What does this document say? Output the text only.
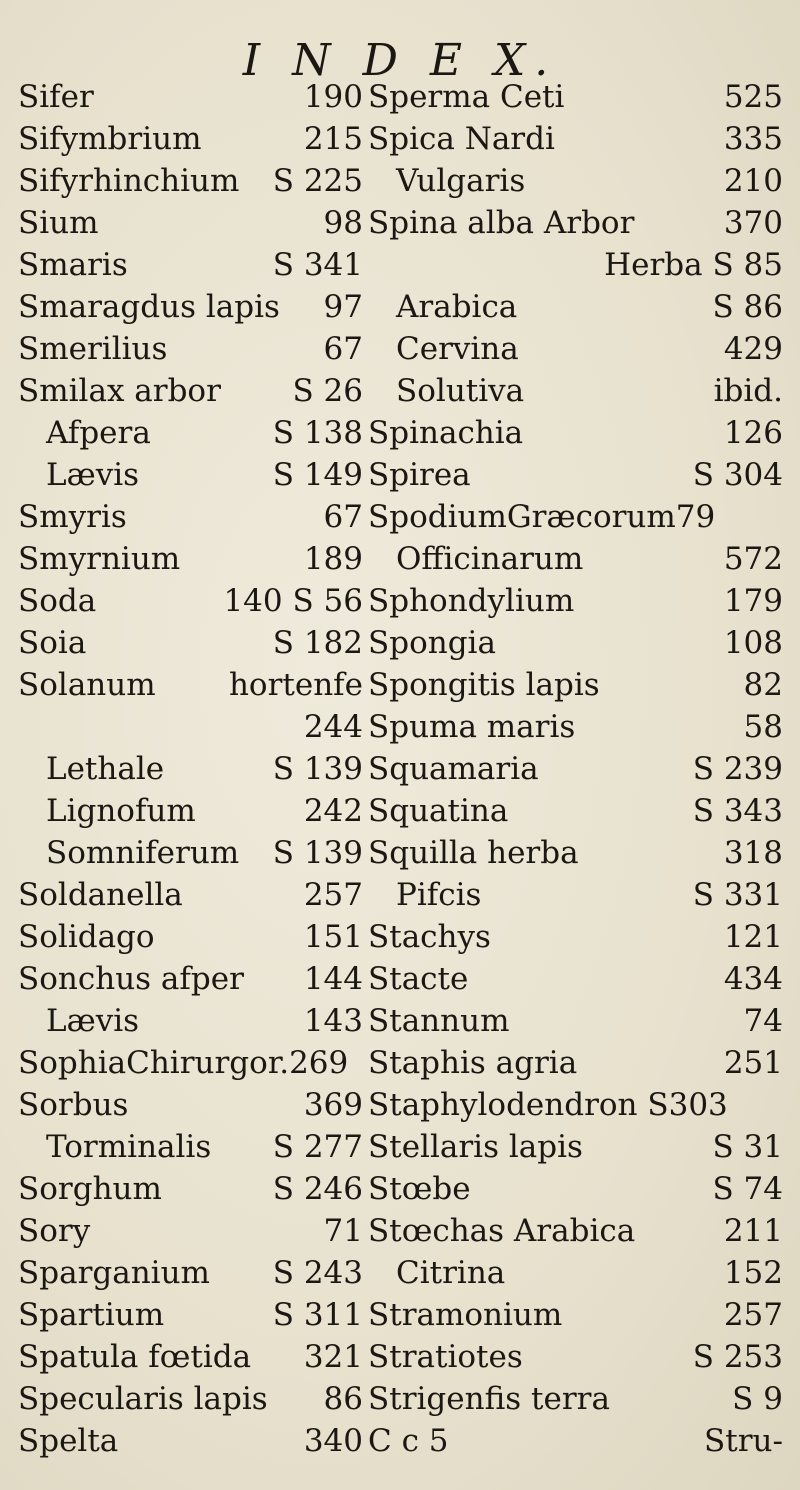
I N D E X.
Sifer	190
Sifymbrium	215
Sifyrhinchium S 225
Sium	98
Smaris	S 341
Smaragdus lapis 97
Smerilius	67
Smilax arbor S 26
Afpera	S 138
Lævis	S 149
Smyris	67
Smyrnium	189
Soda	140 S 56
Soia	S 182
Solanum hortenfe
244
Lethale	S 139
Lignofum	242
Somniferum S 139
Soldanella	257
Solidago	151
Sonchus afper 144
Lævis	143
SophiaChirurgor.269
Sorbus	369
Torminalis S 277
Sorghum	S 246
Sory	71
Sparganium S 243
Spartium	S 311
Spatula fœtida 321
Specularis lapis 86
Spelta	340
Sperma Ceti	525
Spica Nardi	335
Vulgaris	210
Spina alba Arbor	370
Herba S 85
Arabica	S 86
Cervina	429
Solutiva	ibid.
Spinachia	126
Spirea	S 304
SpodiumGræcorum79
Officinarum	572
Sphondylium	179
Spongia	108
Spongitis lapis	82
Spuma maris	58
Squamaria	S 239
Squatina	S 343
Squilla herba	318
Pifcis	S 331
Stachys	121
Stacte	434
Stannum	74
Staphis agria	251
Staphylodendron S303
Stellaris lapis	S 31
Stœbe	S 74
Stœchas Arabica	211
Citrina	152
Stramonium	257
Stratiotes	S 253
Strigenfis terra	S 9
C c 5	Stru-
